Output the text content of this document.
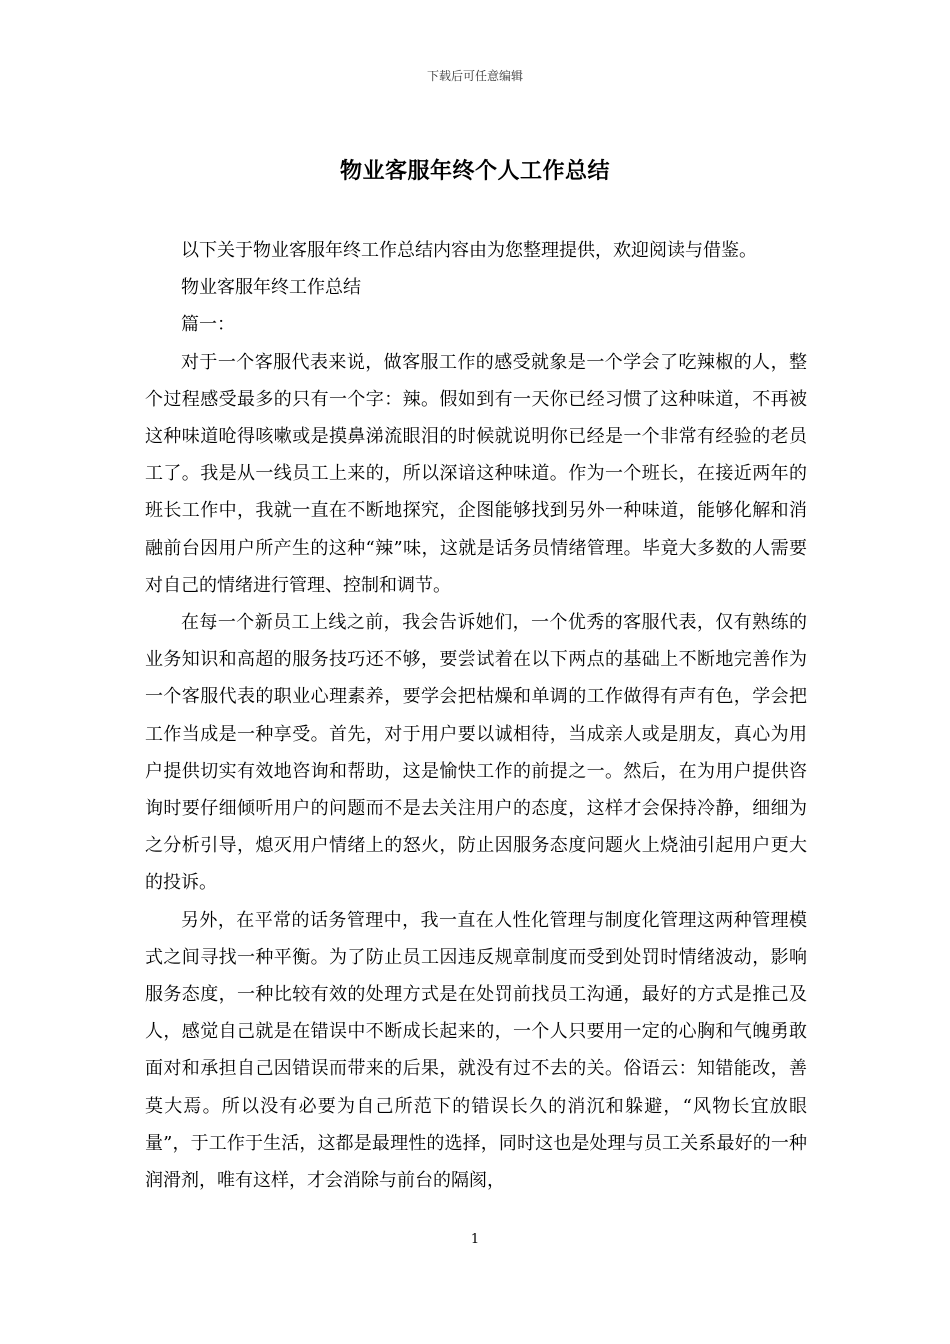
下载后可任意编辑
物业客服年终个人工作总结

以下关于物业客服年终工作总结内容由为您整理提供，欢迎阅读与借鉴。

物业客服年终工作总结

篇一：

对于一个客服代表来说，做客服工作的感受就象是一个学会了吃辣椒的人，整个过程感受最多的只有一个字：辣。假如到有一天你已经习惯了这种味道，不再被这种味道呛得咳嗽或是摸鼻涕流眼泪的时候就说明你已经是一个非常有经验的老员工了。我是从一线员工上来的，所以深谙这种味道。作为一个班长，在接近两年的班长工作中，我就一直在不断地探究，企图能够找到另外一种味道，能够化解和消融前台因用户所产生的这种“辣”味，这就是话务员情绪管理。毕竟大多数的人需要对自己的情绪进行管理、控制和调节。

在每一个新员工上线之前，我会告诉她们，一个优秀的客服代表，仅有熟练的业务知识和高超的服务技巧还不够，要尝试着在以下两点的基础上不断地完善作为一个客服代表的职业心理素养，要学会把枯燥和单调的工作做得有声有色，学会把工作当成是一种享受。首先，对于用户要以诚相待，当成亲人或是朋友，真心为用户提供切实有效地咨询和帮助，这是愉快工作的前提之一。然后，在为用户提供咨询时要仔细倾听用户的问题而不是去关注用户的态度，这样才会保持冷静，细细为之分析引导，熄灭用户情绪上的怒火，防止因服务态度问题火上烧油引起用户更大的投诉。

另外，在平常的话务管理中，我一直在人性化管理与制度化管理这两种管理模式之间寻找一种平衡。为了防止员工因违反规章制度而受到处罚时情绪波动，影响服务态度，一种比较有效的处理方式是在处罚前找员工沟通，最好的方式是推己及人，感觉自己就是在错误中不断成长起来的，一个人只要用一定的心胸和气魄勇敢面对和承担自己因错误而带来的后果，就没有过不去的关。俗语云：知错能改，善莫大焉。所以没有必要为自己所范下的错误长久的消沉和躲避，“风物长宜放眼量”，于工作于生活，这都是最理性的选择，同时这也是处理与员工关系最好的一种润滑剂，唯有这样，才会消除与前台的隔阂，

1
